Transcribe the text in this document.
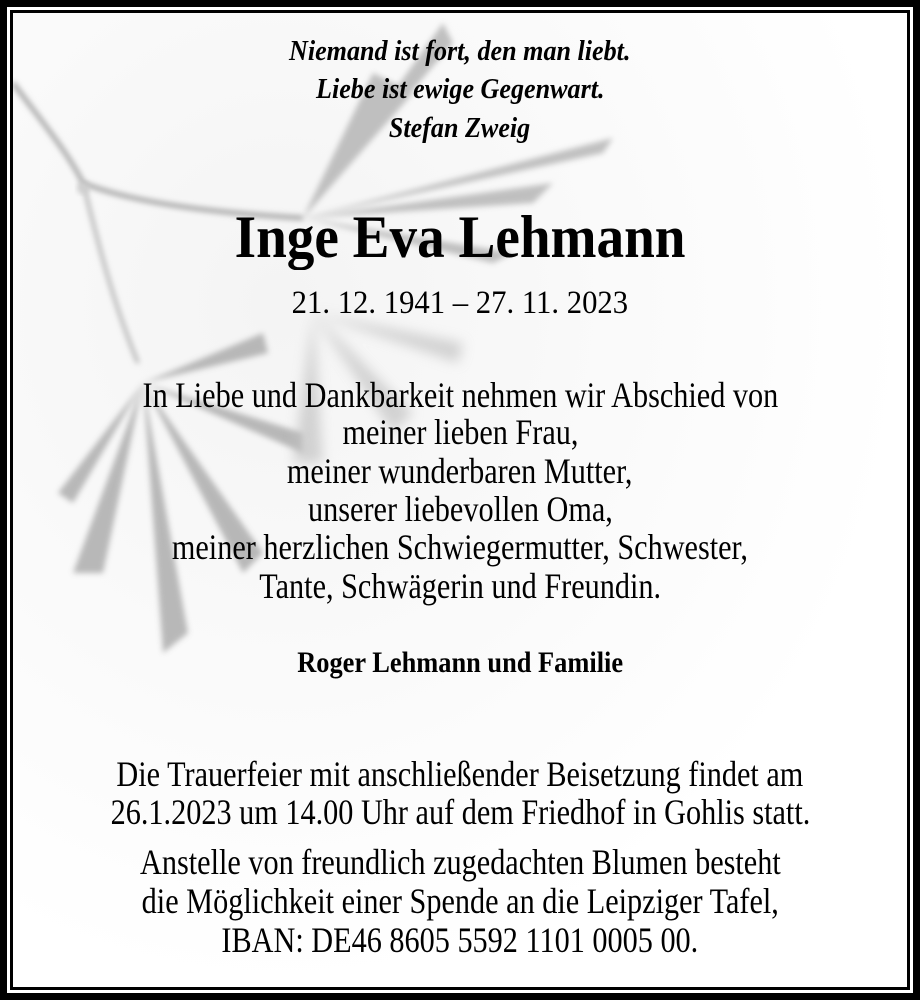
Niemand ist fort, den man liebt.
Liebe ist ewige Gegenwart.
Stefan Zweig
Inge Eva Lehmann
21. 12. 1941 – 27. 11. 2023
In Liebe und Dankbarkeit nehmen wir Abschied von
meiner lieben Frau,
meiner wunderbaren Mutter,
unserer liebevollen Oma,
meiner herzlichen Schwiegermutter, Schwester,
Tante, Schwägerin und Freundin.
Roger Lehmann und Familie
Die Trauerfeier mit anschließender Beisetzung findet am
26.1.2023 um 14.00 Uhr auf dem Friedhof in Gohlis statt.
Anstelle von freundlich zugedachten Blumen besteht
die Möglichkeit einer Spende an die Leipziger Tafel,
IBAN: DE46 8605 5592 1101 0005 00.
